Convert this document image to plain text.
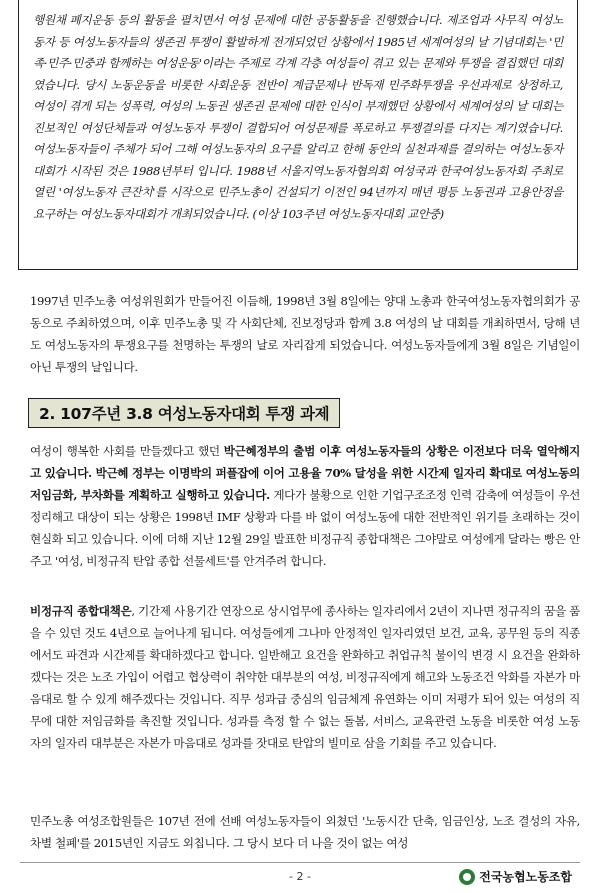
행원채 폐지운동 등의 활동을 펼치면서 여성 문제에 대한 공동활동을 진행했습니다. 제조업과 사무직 여성노동자 등 여성노동자들의 생존권 투쟁이 활발하게 전개되었던 상황에서 1985년 세계여성의 날 기념대회는 '민족·민주·민중과 함께하는 여성운동'이라는 주제로 각계 각층 여성들이 겪고 있는 문제와 투쟁을 결집했던 대회였습니다. 당시 노동운동을 비롯한 사회운동 전반이 계급문제나 반독재 민주화투쟁을 우선과제로 상정하고, 여성이 겪게 되는 성폭력, 여성의 노동권 생존권 문제에 대한 인식이 부재했던 상황에서 세계여성의 날 대회는 진보적인 여성단체들과 여성노동자 투쟁이 결합되어 여성문제를 폭로하고 투쟁결의를 다지는 계기였습니다. 여성노동자들이 주체가 되어 그해 여성노동자의 요구를 알리고 한해 동안의 실천과제를 결의하는 여성노동자대회가 시작된 것은 1988년부터 입니다. 1988년 서울지역노동자협의회 여성국과 한국여성노동자회 주최로 열린 '여성노동자 큰잔치'를 시작으로 민주노총이 건설되기 이전인 94년까지 매년 평등 노동권과 고용안정을 요구하는 여성노동자대회가 개최되었습니다. (이상 103주년 여성노동자대회 교안중)

1997년 민주노총 여성위원회가 만들어진 이듬해, 1998년 3월 8일에는 양대 노총과 한국여성노동자협의회가 공동으로 주최하였으며, 이후 민주노총 및 각 사회단체, 진보정당과 함께 3.8 여성의 날 대회를 개최하면서, 당해 년도 여성노동자의 투쟁요구를 천명하는 투쟁의 날로 자리잡게 되었습니다. 여성노동자들에게 3월 8일은 기념일이 아닌 투쟁의 날입니다.

2. 107주년 3.8 여성노동자대회 투쟁 과제

여성이 행복한 사회를 만들겠다고 했던 박근혜정부의 출범 이후 여성노동자들의 상황은 이전보다 더욱 열악해지고 있습니다. 박근혜 정부는 이명박의 퍼플잡에 이어 고용율 70% 달성을 위한 시간제 일자리 확대로 여성노동의 저임금화, 부차화를 계획하고 실행하고 있습니다. 게다가 불황으로 인한 기업구조조정 인력 감축에 여성들이 우선 정리해고 대상이 되는 상황은 1998년 IMF 상황과 다를 바 없이 여성노동에 대한 전반적인 위기를 초래하는 것이 현실화 되고 있습니다. 이에 더해 지난 12월 29일 발표한 비정규직 종합대책은 그야말로 여성에게 달라는 빵은 안주고 '여성, 비정규직 탄압 종합 선물세트'를 안겨주려 합니다.

비정규직 종합대책은, 기간제 사용기간 연장으로 상시업무에 종사하는 일자리에서 2년이 지나면 정규직의 꿈을 품을 수 있던 것도 4년으로 늘어나게 됩니다. 여성들에게 그나마 안정적인 일자리였던 보건, 교육, 공무원 등의 직종에서도 파견과 시간제를 확대하겠다고 합니다. 일반해고 요건을 완화하고 취업규칙 불이익 변경 시 요건을 완화하겠다는 것은 노조 가입이 어렵고 협상력이 취약한 대부분의 여성, 비정규직에게 해고와 노동조건 악화를 자본가 마음대로 할 수 있게 해주겠다는 것입니다. 직무 성과급 중심의 임금체계 유연화는 이미 저평가 되어 있는 여성의 직무에 대한 저임금화를 촉진할 것입니다. 성과를 측정 할 수 없는 돌봄, 서비스, 교육관련 노동을 비롯한 여성 노동자의 일자리 대부분은 자본가 마음대로 성과를 잣대로 탄압의 빌미로 삼을 기회를 주고 있습니다.

민주노총 여성조합원들은 107년 전에 선배 여성노동자들이 외쳤던 '노동시간 단축, 임금인상, 노조 결성의 자유, 차별 철폐'를 2015년인 지금도 외칩니다. 그 당시 보다 더 나을 것이 없는 여성

- 2 -	전국농협노동조합
